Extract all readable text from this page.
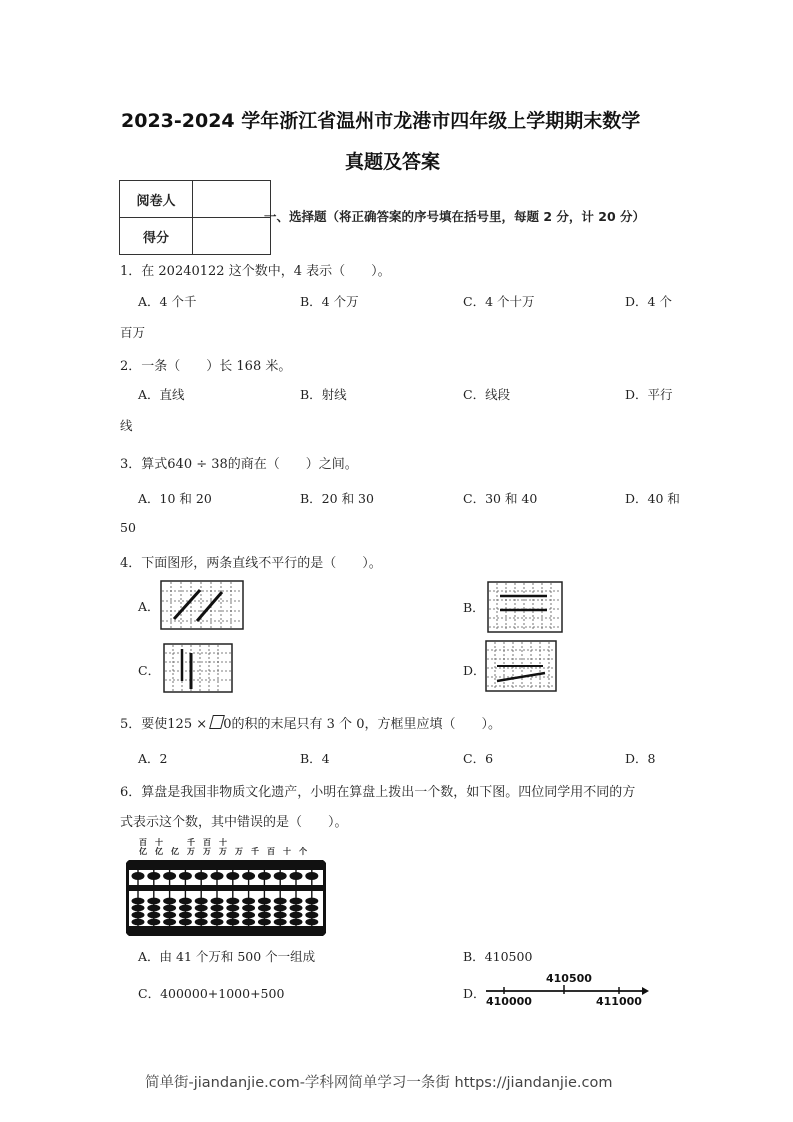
2023-2024 学年浙江省温州市龙港市四年级上学期期末数学
真题及答案
阅卷人	
得分	
一、选择题（将正确答案的序号填在括号里，每题 2 分，计 20 分）
1．在 20240122 这个数中，4 表示（　　）。
A．4 个千	B．4 个万	C．4 个十万	D．4 个
百万
2．一条（　　）长 168 米。
A．直线	B．射线	C．线段	D．平行
线
3．算式640 ÷ 38的商在（　　）之间。
A．10 和 20	B．20 和 30	C．30 和 40	D．40 和
50
4．下面图形，两条直线不平行的是（　　）。
A．	B．
C．	D．
5．要使125 × 0的积的末尾只有 3 个 0，方框里应填（　　）。
A．2	B．4	C．6	D．8
6．算盘是我国非物质文化遗产，小明在算盘上拨出一个数，如下图。四位同学用不同的方
式表示这个数，其中错误的是（　　）。
百亿
十亿 亿
千万
百万
十万 万 千 百 十 个
A．由 41 个万和 500 个一组成	B．410500
C．400000+1000+500	D．
410500
410000	411000
简单街-jiandanjie.com-学科网简单学习一条街 https://jiandanjie.com
